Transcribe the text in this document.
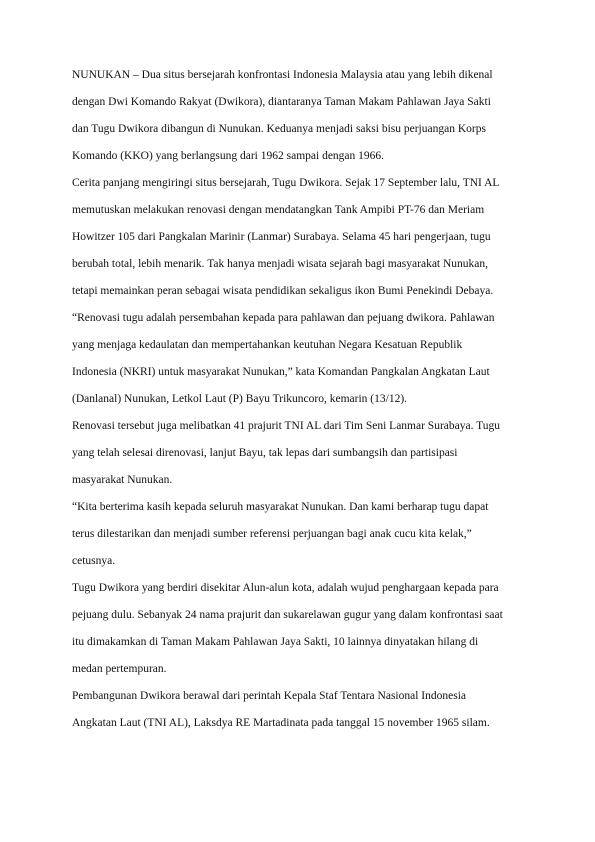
NUNUKAN – Dua situs bersejarah konfrontasi Indonesia Malaysia atau yang lebih dikenal

dengan Dwi Komando Rakyat (Dwikora), diantaranya Taman Makam Pahlawan Jaya Sakti

dan Tugu Dwikora dibangun di Nunukan. Keduanya menjadi saksi bisu perjuangan Korps

Komando (KKO) yang berlangsung dari 1962 sampai dengan 1966.

Cerita panjang mengiringi situs bersejarah, Tugu Dwikora. Sejak 17 September lalu, TNI AL

memutuskan melakukan renovasi dengan mendatangkan Tank Ampibi PT-76 dan Meriam

Howitzer 105 dari Pangkalan Marinir (Lanmar) Surabaya. Selama 45 hari pengerjaan, tugu

berubah total, lebih menarik. Tak hanya menjadi wisata sejarah bagi masyarakat Nunukan,

tetapi memainkan peran sebagai wisata pendidikan sekaligus ikon Bumi Penekindi Debaya.

“Renovasi tugu adalah persembahan kepada para pahlawan dan pejuang dwikora. Pahlawan

yang menjaga kedaulatan dan mempertahankan keutuhan Negara Kesatuan Republik

Indonesia (NKRI) untuk masyarakat Nunukan,” kata Komandan Pangkalan Angkatan Laut

(Danlanal) Nunukan, Letkol Laut (P) Bayu Trikuncoro, kemarin (13/12).

Renovasi tersebut juga melibatkan 41 prajurit TNI AL dari Tim Seni Lanmar Surabaya. Tugu

yang telah selesai direnovasi, lanjut Bayu, tak lepas dari sumbangsih dan partisipasi

masyarakat Nunukan.

“Kita berterima kasih kepada seluruh masyarakat Nunukan. Dan kami berharap tugu dapat

terus dilestarikan dan menjadi sumber referensi perjuangan bagi anak cucu kita kelak,”

cetusnya.

Tugu Dwikora yang berdiri disekitar Alun-alun kota, adalah wujud penghargaan kepada para

pejuang dulu. Sebanyak 24 nama prajurit dan sukarelawan gugur yang dalam konfrontasi saat

itu dimakamkan di Taman Makam Pahlawan Jaya Sakti, 10 lainnya dinyatakan hilang di

medan pertempuran.

Pembangunan Dwikora berawal dari perintah Kepala Staf Tentara Nasional Indonesia

Angkatan Laut (TNI AL), Laksdya RE Martadinata pada tanggal 15 november 1965 silam.
